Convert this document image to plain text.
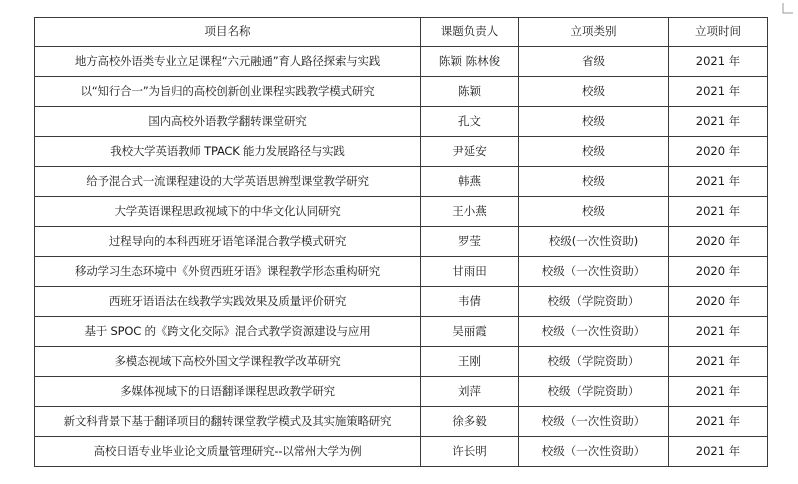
项目名称	课题负责人	立项类别	立项时间
地方高校外语类专业立足课程“六元融通”育人路径探索与实践	陈颖 陈林俊	省级	2021 年
以“知行合一”为旨归的高校创新创业课程实践教学模式研究	陈颖	校级	2021 年
国内高校外语教学翻转课堂研究	孔文	校级	2021 年
我校大学英语教师 TPACK 能力发展路径与实践	尹延安	校级	2020 年
给予混合式一流课程建设的大学英语思辨型课堂教学研究	韩燕	校级	2021 年
大学英语课程思政视域下的中华文化认同研究	王小燕	校级	2021 年
过程导向的本科西班牙语笔译混合教学模式研究	罗莹	校级(一次性资助)	2020 年
移动学习生态环境中《外贸西班牙语》课程教学形态重构研究	甘雨田	校级（一次性资助）	2020 年
西班牙语语法在线教学实践效果及质量评价研究	韦倩	校级（学院资助）	2020 年
基于 SPOC 的《跨文化交际》混合式教学资源建设与应用	吴丽霞	校级（一次性资助）	2021 年
多模态视域下高校外国文学课程教学改革研究	王刚	校级（学院资助）	2021 年
多媒体视域下的日语翻译课程思政教学研究	刘萍	校级（学院资助）	2021 年
新文科背景下基于翻译项目的翻转课堂教学模式及其实施策略研究	徐多毅	校级（一次性资助）	2021 年
高校日语专业毕业论文质量管理研究--以常州大学为例	许长明	校级（一次性资助）	2021 年
